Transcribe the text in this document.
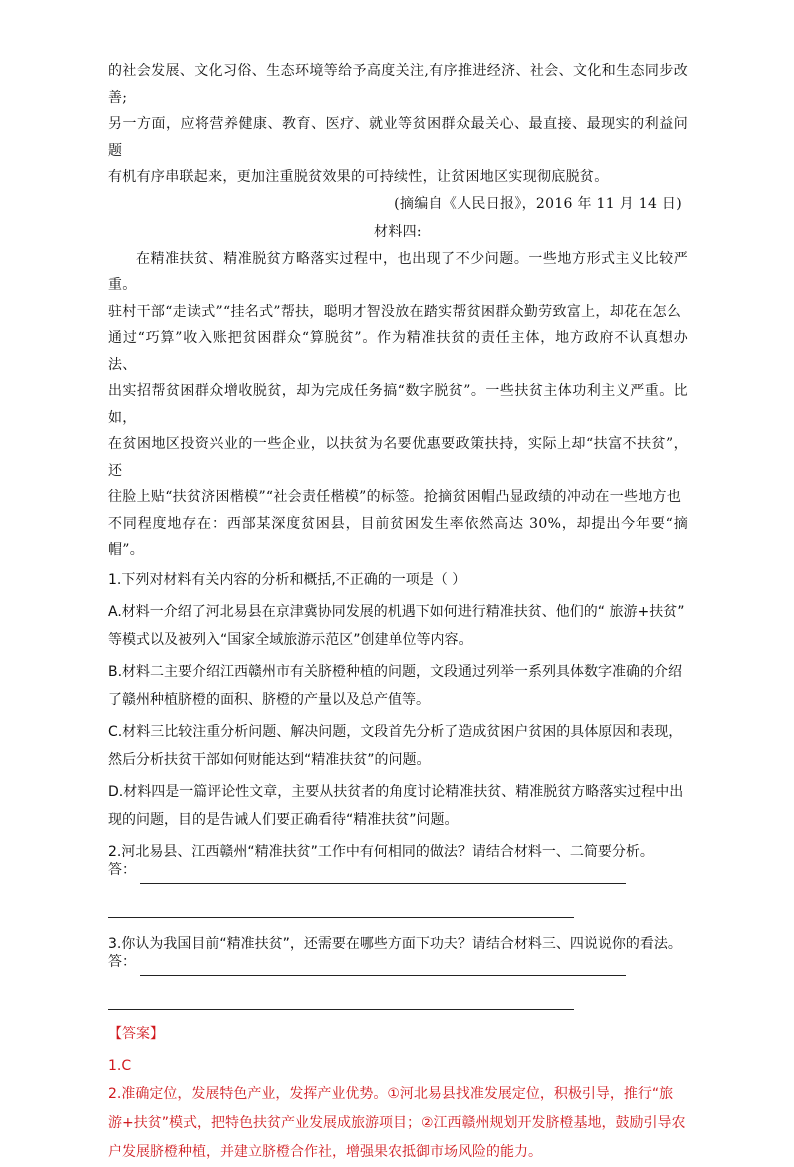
的社会发展、文化习俗、生态环境等给予高度关注,有序推进经济、社会、文化和生态同步改善;

另一方面，应将营养健康、教育、医疗、就业等贫困群众最关心、最直接、最现实的利益问题

有机有序串联起来，更加注重脱贫效果的可持续性，让贫困地区实现彻底脱贫。

(摘编自《人民日报》，2016 年 11 月 14 日)

材料四:

在精准扶贫、精准脱贫方略落实过程中，也出现了不少问题。一些地方形式主义比较严重。

驻村干部“走读式”“挂名式”帮扶，聪明才智没放在踏实帮贫困群众勤劳致富上，却花在怎么

通过“巧算”收入账把贫困群众“算脱贫”。作为精准扶贫的责任主体，地方政府不认真想办法、

出实招帮贫困群众增收脱贫，却为完成任务搞“数字脱贫”。一些扶贫主体功利主义严重。比如，

在贫困地区投资兴业的一些企业，以扶贫为名要优惠要政策扶持，实际上却“扶富不扶贫”，还

往脸上贴“扶贫济困楷模”“社会责任楷模”的标签。抢摘贫困帽凸显政绩的冲动在一些地方也

不同程度地存在：西部某深度贫困县，目前贫困发生率依然高达 30%，却提出今年要“摘帽”。

1.下列对材料有关内容的分析和概括,不正确的一项是（ ）

A.材料一介绍了河北易县在京津冀协同发展的机遇下如何进行精准扶贫、他们的“ 旅游+扶贫”

等模式以及被列入“国家全域旅游示范区”创建单位等内容。

B.材料二主要介绍江西赣州市有关脐橙种植的问题，文段通过列举一系列具体数字准确的介绍

了赣州种植脐橙的面积、脐橙的产量以及总产值等。

C.材料三比较注重分析问题、解决问题，文段首先分析了造成贫困户贫困的具体原因和表现，

然后分析扶贫干部如何财能达到“精准扶贫”的问题。

D.材料四是一篇评论性文章，主要从扶贫者的角度讨论精准扶贫、精准脱贫方略落实过程中出

现的问题，目的是告诫人们要正确看待“精准扶贫”问题。

2.河北易县、江西赣州“精准扶贫”工作中有何相同的做法？请结合材料一、二简要分析。

答：

3.你认为我国目前“精准扶贫”，还需要在哪些方面下功夫？请结合材料三、四说说你的看法。

答：

【答案】

1.C

2.准确定位，发展特色产业，发挥产业优势。①河北易县找准发展定位，积极引导，推行“旅

游+扶贫”模式，把特色扶贫产业发展成旅游项目；②江西赣州规划开发脐橙基地，鼓励引导农

户发展脐橙种植，并建立脐橙合作社，增强果农抵御市场风险的能力。
